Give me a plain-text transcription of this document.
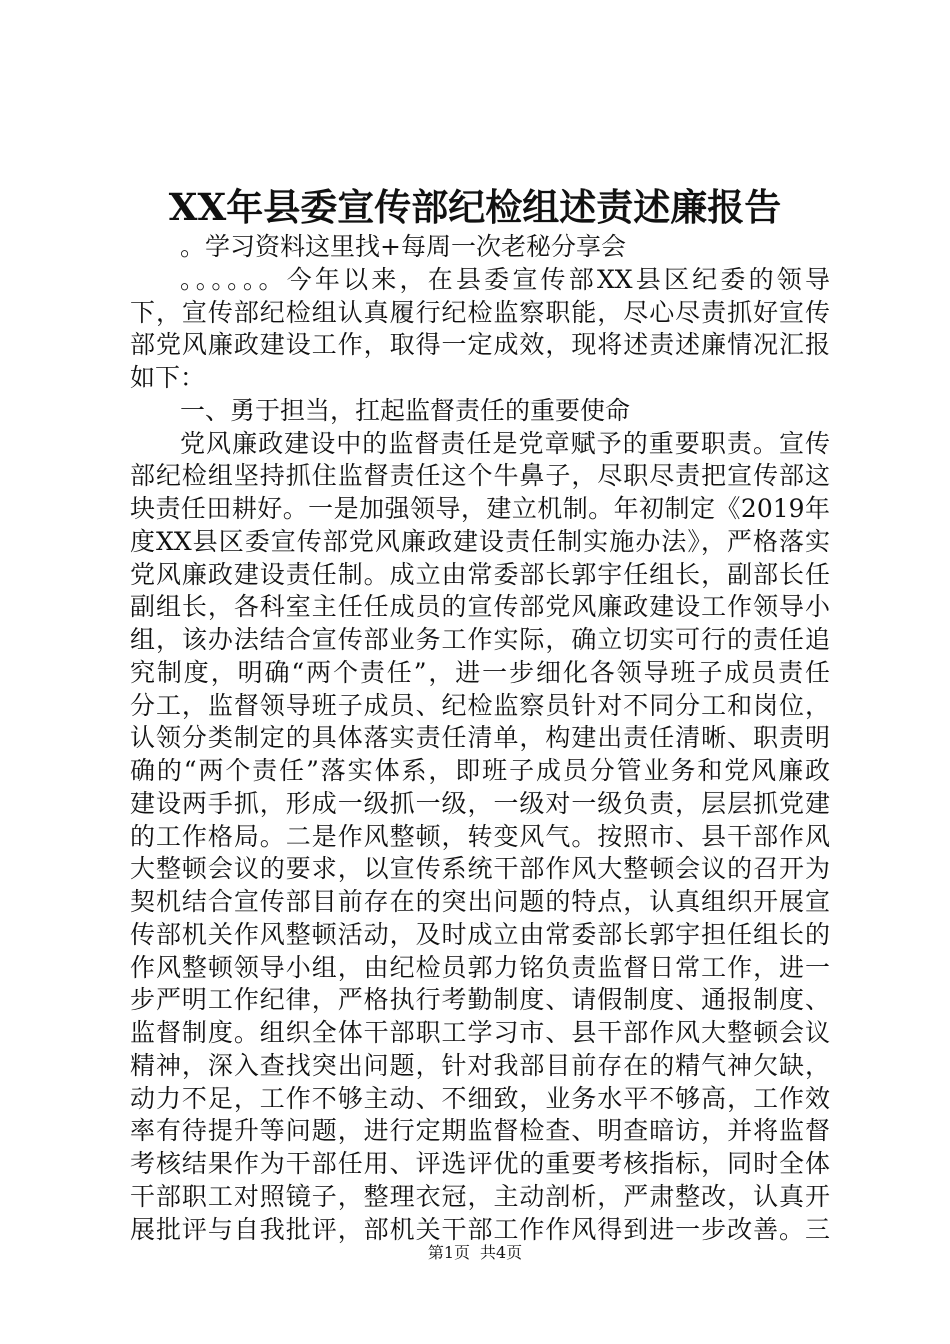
XX年县委宣传部纪检组述责述廉报告
。学习资料这里找+每周一次老秘分享会
。。。。。。今年以来，在县委宣传部XX县区纪委的领导
下，宣传部纪检组认真履行纪检监察职能，尽心尽责抓好宣传
部党风廉政建设工作，取得一定成效，现将述责述廉情况汇报
如下：
一、勇于担当，扛起监督责任的重要使命
党风廉政建设中的监督责任是党章赋予的重要职责。宣传
部纪检组坚持抓住监督责任这个牛鼻子，尽职尽责把宣传部这
块责任田耕好。一是加强领导，建立机制。年初制定《2019年
度XX县区委宣传部党风廉政建设责任制实施办法》，严格落实
党风廉政建设责任制。成立由常委部长郭宇任组长，副部长任
副组长，各科室主任任成员的宣传部党风廉政建设工作领导小
组，该办法结合宣传部业务工作实际，确立切实可行的责任追
究制度，明确“两个责任”，进一步细化各领导班子成员责任
分工，监督领导班子成员、纪检监察员针对不同分工和岗位，
认领分类制定的具体落实责任清单，构建出责任清晰、职责明
确的“两个责任”落实体系，即班子成员分管业务和党风廉政
建设两手抓，形成一级抓一级，一级对一级负责，层层抓党建
的工作格局。二是作风整顿，转变风气。按照市、县干部作风
大整顿会议的要求，以宣传系统干部作风大整顿会议的召开为
契机结合宣传部目前存在的突出问题的特点，认真组织开展宣
传部机关作风整顿活动，及时成立由常委部长郭宇担任组长的
作风整顿领导小组，由纪检员郭力铭负责监督日常工作，进一
步严明工作纪律，严格执行考勤制度、请假制度、通报制度、
监督制度。组织全体干部职工学习市、县干部作风大整顿会议
精神，深入查找突出问题，针对我部目前存在的精气神欠缺，
动力不足，工作不够主动、不细致，业务水平不够高，工作效
率有待提升等问题，进行定期监督检查、明查暗访，并将监督
考核结果作为干部任用、评选评优的重要考核指标，同时全体
干部职工对照镜子，整理衣冠，主动剖析，严肃整改，认真开
展批评与自我批评，部机关干部工作作风得到进一步改善。三
第1页 共4页
